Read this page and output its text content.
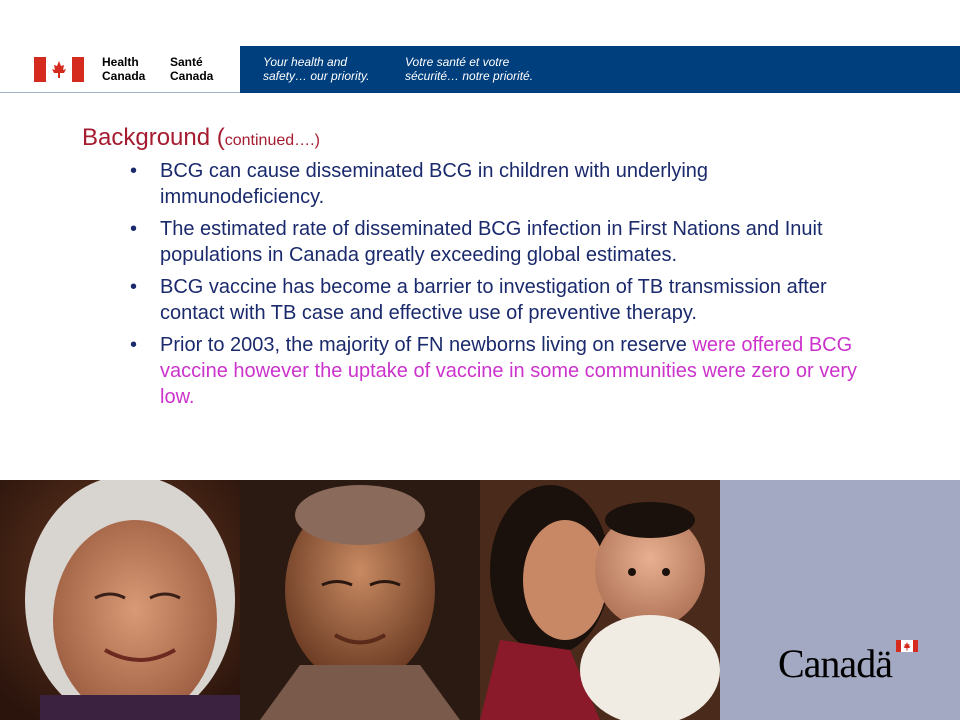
Health
Canada
Santé
Canada
Your health and
safety… our priority.
Votre santé et votre
sécurité… notre priorité.
Background (continued….)
• BCG can cause disseminated BCG in children with underlying immunodeficiency.
• The estimated rate of disseminated BCG infection in First Nations and Inuit populations in Canada greatly exceeding global estimates.
• BCG vaccine has become a barrier to investigation of TB transmission after contact with TB case and effective use of preventive therapy.
• Prior to 2003, the majority of FN newborns living on reserve were offered BCG vaccine however the uptake of vaccine in some communities were zero or very low.
Canadä
